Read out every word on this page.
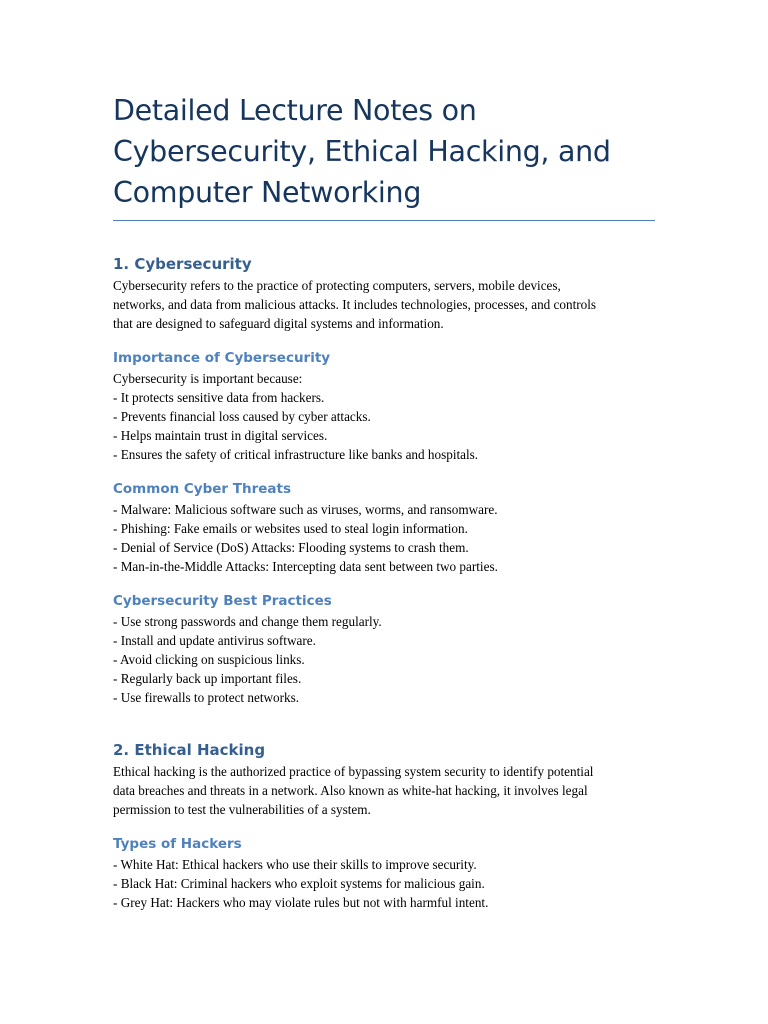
Detailed Lecture Notes on
Cybersecurity, Ethical Hacking, and
Computer Networking
1. Cybersecurity

Cybersecurity refers to the practice of protecting computers, servers, mobile devices,

networks, and data from malicious attacks. It includes technologies, processes, and controls

that are designed to safeguard digital systems and information.

Importance of Cybersecurity

Cybersecurity is important because:

- It protects sensitive data from hackers.

- Prevents financial loss caused by cyber attacks.

- Helps maintain trust in digital services.

- Ensures the safety of critical infrastructure like banks and hospitals.

Common Cyber Threats

- Malware: Malicious software such as viruses, worms, and ransomware.

- Phishing: Fake emails or websites used to steal login information.

- Denial of Service (DoS) Attacks: Flooding systems to crash them.

- Man-in-the-Middle Attacks: Intercepting data sent between two parties.

Cybersecurity Best Practices

- Use strong passwords and change them regularly.

- Install and update antivirus software.

- Avoid clicking on suspicious links.

- Regularly back up important files.

- Use firewalls to protect networks.

2. Ethical Hacking

Ethical hacking is the authorized practice of bypassing system security to identify potential

data breaches and threats in a network. Also known as white-hat hacking, it involves legal

permission to test the vulnerabilities of a system.

Types of Hackers

- White Hat: Ethical hackers who use their skills to improve security.

- Black Hat: Criminal hackers who exploit systems for malicious gain.

- Grey Hat: Hackers who may violate rules but not with harmful intent.
